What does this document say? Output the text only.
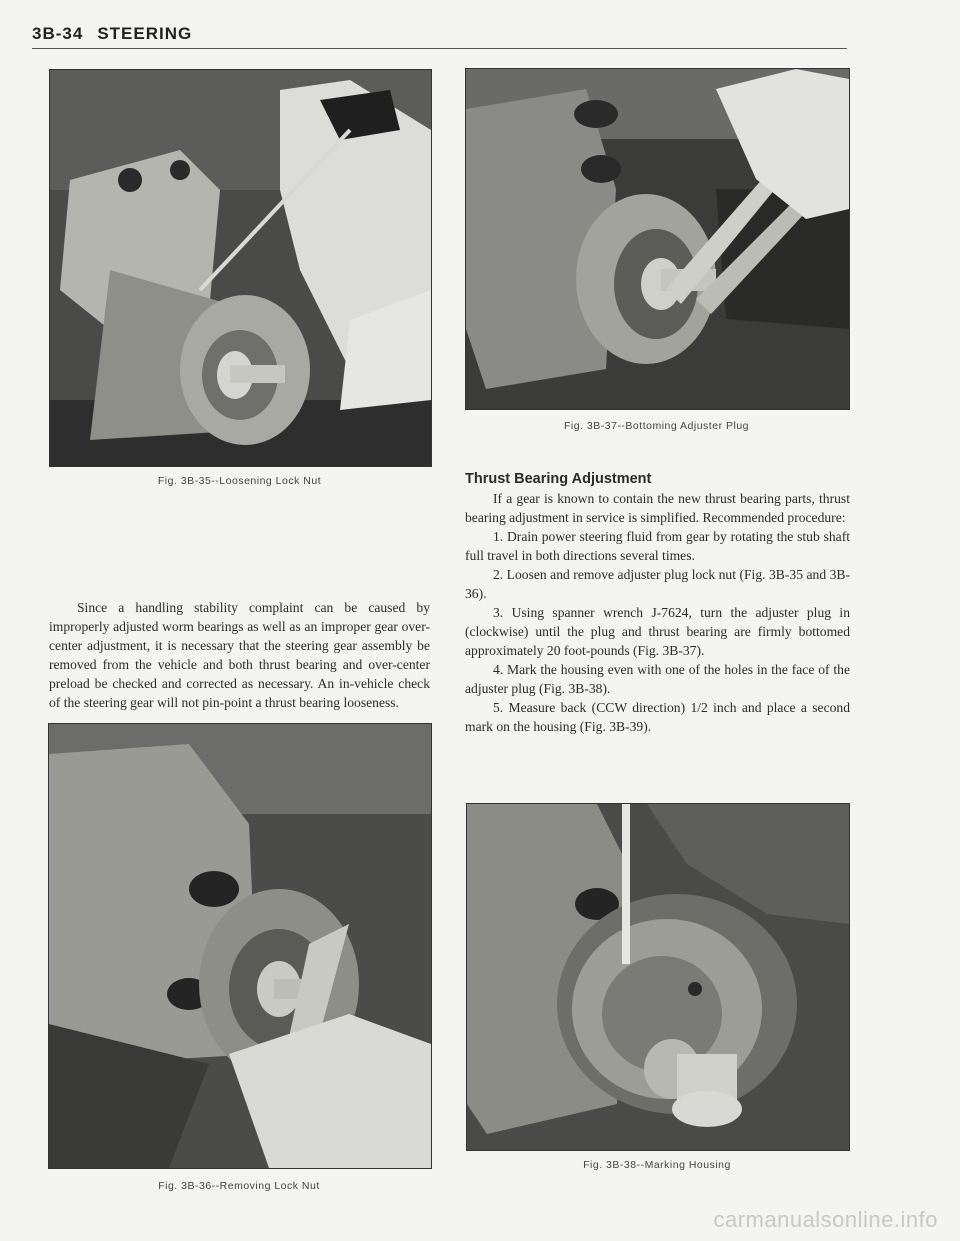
3B-34 STEERING
Fig. 3B-35--Loosening Lock Nut
Fig. 3B-37--Bottoming Adjuster Plug

Since a handling stability complaint can be caused by improperly adjusted worm bearings as well as an improper gear over-center adjustment, it is necessary that the steering gear assembly be removed from the vehicle and both thrust bearing and over-center preload be checked and corrected as necessary. An in-vehicle check of the steering gear will not pin-point a thrust bearing looseness.

Thrust Bearing Adjustment

If a gear is known to contain the new thrust bearing parts, thrust bearing adjustment in service is simplified. Recommended procedure:

1. Drain power steering fluid from gear by rotating the stub shaft full travel in both directions several times.

2. Loosen and remove adjuster plug lock nut (Fig. 3B-35 and 3B-36).

3. Using spanner wrench J-7624, turn the adjuster plug in (clockwise) until the plug and thrust bearing are firmly bottomed approximately 20 foot-pounds (Fig. 3B-37).

4. Mark the housing even with one of the holes in the face of the adjuster plug (Fig. 3B-38).

5. Measure back (CCW direction) 1/2 inch and place a second mark on the housing (Fig. 3B-39).

Fig. 3B-36--Removing Lock Nut
Fig. 3B-38--Marking Housing
carmanualsonline.info
